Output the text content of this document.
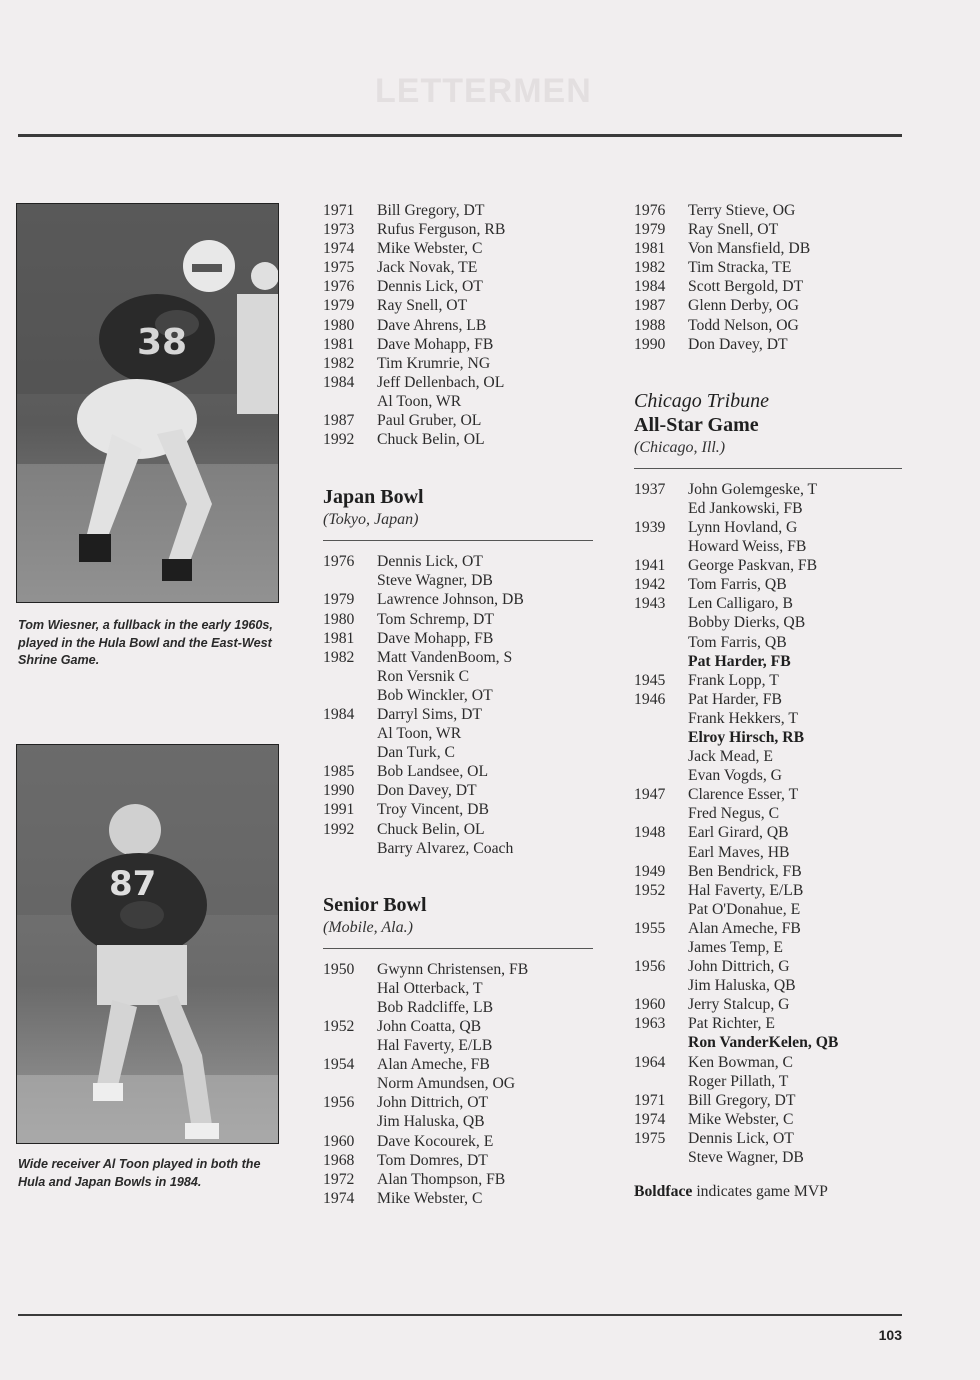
LETTERMEN
38
Tom Wiesner, a fullback in the early 1960s, played in the Hula Bowl and the East-West Shrine Game.
87
Wide receiver Al Toon played in both the Hula and Japan Bowls in 1984.
1971	Bill Gregory, DT
1973	Rufus Ferguson, RB
1974	Mike Webster, C
1975	Jack Novak, TE
1976	Dennis Lick, OT
1979	Ray Snell, OT
1980	Dave Ahrens, LB
1981	Dave Mohapp, FB
1982	Tim Krumrie, NG
1984	Jeff Dellenbach, OL
Al Toon, WR
1987	Paul Gruber, OL
1992	Chuck Belin, OL
Japan Bowl
(Tokyo, Japan)
1976	Dennis Lick, OT
Steve Wagner, DB
1979	Lawrence Johnson, DB
1980	Tom Schremp, DT
1981	Dave Mohapp, FB
1982	Matt VandenBoom, S
Ron Versnik C
Bob Winckler, OT
1984	Darryl Sims, DT
Al Toon, WR
Dan Turk, C
1985	Bob Landsee, OL
1990	Don Davey, DT
1991	Troy Vincent, DB
1992	Chuck Belin, OL
Barry Alvarez, Coach
Senior Bowl
(Mobile, Ala.)
1950	Gwynn Christensen, FB
Hal Otterback, T
Bob Radcliffe, LB
1952	John Coatta, QB
Hal Faverty, E/LB
1954	Alan Ameche, FB
Norm Amundsen, OG
1956	John Dittrich, OT
Jim Haluska, QB
1960	Dave Kocourek, E
1968	Tom Domres, DT
1972	Alan Thompson, FB
1974	Mike Webster, C
1976	Terry Stieve, OG
1979	Ray Snell, OT
1981	Von Mansfield, DB
1982	Tim Stracka, TE
1984	Scott Bergold, DT
1987	Glenn Derby, OG
1988	Todd Nelson, OG
1990	Don Davey, DT
Chicago Tribune
All-Star Game
(Chicago, Ill.)
1937	John Golemgeske, T
Ed Jankowski, FB
1939	Lynn Hovland, G
Howard Weiss, FB
1941	George Paskvan, FB
1942	Tom Farris, QB
1943	Len Calligaro, B
Bobby Dierks, QB
Tom Farris, QB
Pat Harder, FB
1945	Frank Lopp, T
1946	Pat Harder, FB
Frank Hekkers, T
Elroy Hirsch, RB
Jack Mead, E
Evan Vogds, G
1947	Clarence Esser, T
Fred Negus, C
1948	Earl Girard, QB
Earl Maves, HB
1949	Ben Bendrick, FB
1952	Hal Faverty, E/LB
Pat O'Donahue, E
1955	Alan Ameche, FB
James Temp, E
1956	John Dittrich, G
Jim Haluska, QB
1960	Jerry Stalcup, G
1963	Pat Richter, E
Ron VanderKelen, QB
1964	Ken Bowman, C
Roger Pillath, T
1971	Bill Gregory, DT
1974	Mike Webster, C
1975	Dennis Lick, OT
Steve Wagner, DB
Boldface indicates game MVP
103
